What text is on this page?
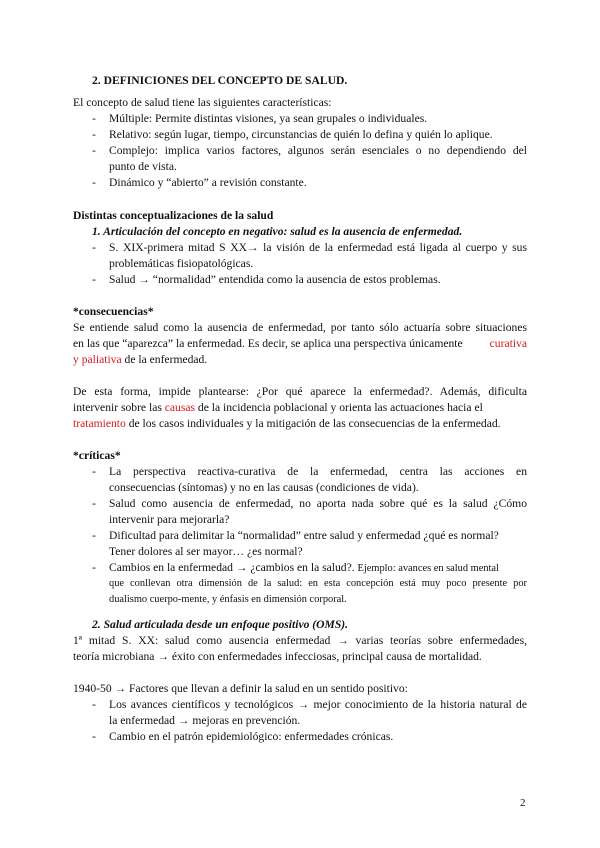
2. DEFINICIONES DEL CONCEPTO DE SALUD.
El concepto de salud tiene las siguientes características:
- Múltiple: Permite distintas visiones, ya sean grupales o individuales.
- Relativo: según lugar, tiempo, circunstancias de quién lo defina y quién lo aplique.
- Complejo: implica varios factores, algunos serán esenciales o no dependiendo del
punto de vista.
- Dinámico y “abierto” a revisión constante.
Distintas conceptualizaciones de la salud
1. Articulación del concepto en negativo: salud es la ausencia de enfermedad.
- S. XIX-primera mitad S XX→ la visión de la enfermedad está ligada al cuerpo y sus
problemáticas fisiopatológicas.
- Salud → “normalidad” entendida como la ausencia de estos problemas.
*consecuencias*
Se entiende salud como la ausencia de enfermedad, por tanto sólo actuaría sobre situaciones
en las que “aparezca” la enfermedad. Es decir, se aplica una perspectiva únicamente curativa
y paliativa de la enfermedad.
De esta forma, impide plantearse: ¿Por qué aparece la enfermedad?. Además, dificulta
intervenir sobre las causas de la incidencia poblacional y orienta las actuaciones hacia el
tratamiento de los casos individuales y la mitigación de las consecuencias de la enfermedad.
*críticas*
- La perspectiva reactiva-curativa de la enfermedad, centra las acciones en
consecuencias (síntomas) y no en las causas (condiciones de vida).
- Salud como ausencia de enfermedad, no aporta nada sobre qué es la salud ¿Cómo
intervenir para mejorarla?
- Dificultad para delimitar la “normalidad” entre salud y enfermedad ¿qué es normal?
Tener dolores al ser mayor… ¿es normal?
- Cambios en la enfermedad → ¿cambios en la salud?. Ejemplo: avances en salud mental
que conllevan otra dimensión de la salud: en esta concepción está muy poco presente por
dualismo cuerpo-mente, y énfasis en dimensión corporal.
2. Salud articulada desde un enfoque positivo (OMS).
1ª mitad S. XX: salud como ausencia enfermedad → varias teorías sobre enfermedades,
teoría microbiana → éxito con enfermedades infecciosas, principal causa de mortalidad.
1940-50 → Factores que llevan a definir la salud en un sentido positivo:
- Los avances científicos y tecnológicos → mejor conocimiento de la historia natural de
la enfermedad → mejoras en prevención.
- Cambio en el patrón epidemiológico: enfermedades crónicas.
2
